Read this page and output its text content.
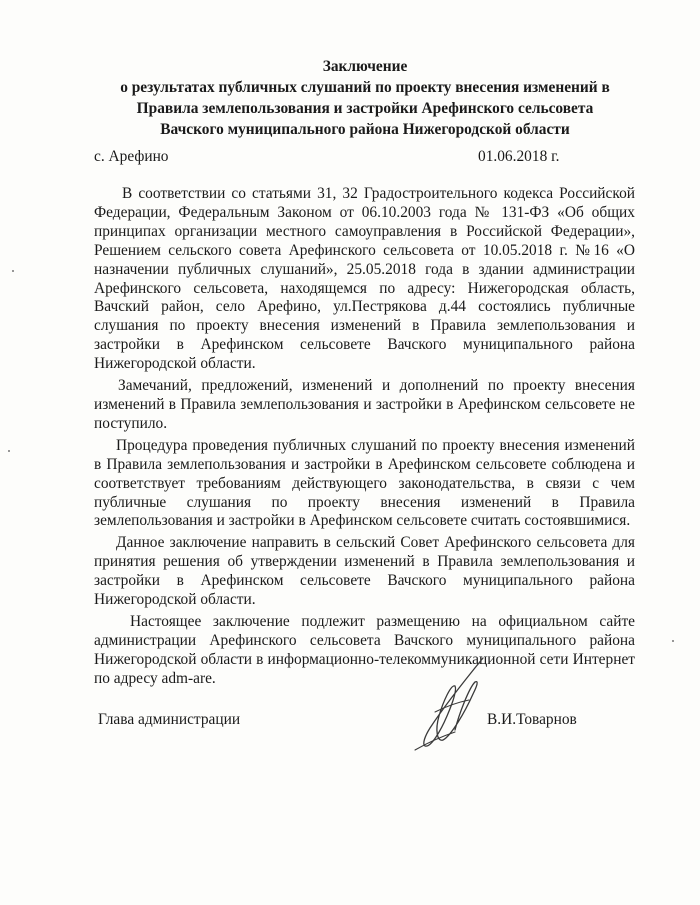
Заключение
о результатах публичных слушаний по проекту внесения изменений в
Правила землепользования и застройки Арефинского сельсовета
Вачского муниципального района Нижегородской области
с. Арефино	01.06.2018 г.

В соответствии со статьями 31, 32 Градостроительного кодекса Российской Федерации, Федеральным Законом от 06.10.2003 года № 131-ФЗ «Об общих принципах организации местного самоуправления в Российской Федерации», Решением сельского совета Арефинского сельсовета от 10.05.2018 г. №16 «О назначении публичных слушаний», 25.05.2018 года в здании администрации Арефинского сельсовета, находящемся по адресу: Нижегородская область, Вачский район, село Арефино, ул.Пестрякова д.44 состоялись публичные слушания по проекту внесения изменений в Правила землепользования и застройки в Арефинском сельсовете Вачского муниципального района Нижегородской области.

Замечаний, предложений, изменений и дополнений по проекту внесения изменений в Правила землепользования и застройки в Арефинском сельсовете не поступило.

Процедура проведения публичных слушаний по проекту внесения изменений в Правила землепользования и застройки в Арефинском сельсовете соблюдена и соответствует требованиям действующего законодательства, в связи с чем публичные слушания по проекту внесения изменений в Правила землепользования и застройки в Арефинском сельсовете считать состоявшимися.

Данное заключение направить в сельский Совет Арефинского сельсовета для принятия решения об утверждении изменений в Правила землепользования и застройки в Арефинском сельсовете Вачского муниципального района Нижегородской области.

Настоящее заключение подлежит размещению на официальном сайте администрации Арефинского сельсовета Вачского муниципального района Нижегородской области в информационно-телекоммуникационной сети Интернет по адресу adm-are.

Глава администрации	В.И.Товарнов
